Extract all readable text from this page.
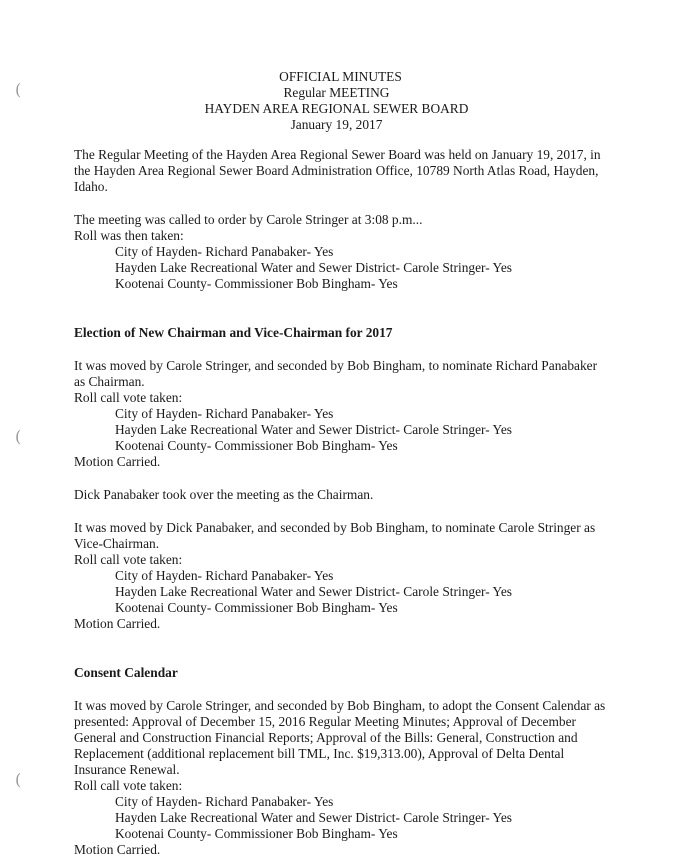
(
(
(
OFFICIAL MINUTES
Regular MEETING
HAYDEN AREA REGIONAL SEWER BOARD
January 19, 2017
The Regular Meeting of the Hayden Area Regional Sewer Board was held on January 19, 2017, in
the Hayden Area Regional Sewer Board Administration Office, 10789 North Atlas Road, Hayden,
Idaho.
The meeting was called to order by Carole Stringer at 3:08 p.m...
Roll was then taken:
City of Hayden- Richard Panabaker- Yes
Hayden Lake Recreational Water and Sewer District- Carole Stringer- Yes
Kootenai County- Commissioner Bob Bingham- Yes
Election of New Chairman and Vice-Chairman for 2017
It was moved by Carole Stringer, and seconded by Bob Bingham, to nominate Richard Panabaker
as Chairman.
Roll call vote taken:
City of Hayden- Richard Panabaker- Yes
Hayden Lake Recreational Water and Sewer District- Carole Stringer- Yes
Kootenai County- Commissioner Bob Bingham- Yes
Motion Carried.
Dick Panabaker took over the meeting as the Chairman.
It was moved by Dick Panabaker, and seconded by Bob Bingham, to nominate Carole Stringer as
Vice-Chairman.
Roll call vote taken:
City of Hayden- Richard Panabaker- Yes
Hayden Lake Recreational Water and Sewer District- Carole Stringer- Yes
Kootenai County- Commissioner Bob Bingham- Yes
Motion Carried.
Consent Calendar
It was moved by Carole Stringer, and seconded by Bob Bingham, to adopt the Consent Calendar as
presented: Approval of December 15, 2016 Regular Meeting Minutes; Approval of December
General and Construction Financial Reports; Approval of the Bills: General, Construction and
Replacement (additional replacement bill TML, Inc. $19,313.00), Approval of Delta Dental
Insurance Renewal.
Roll call vote taken:
City of Hayden- Richard Panabaker- Yes
Hayden Lake Recreational Water and Sewer District- Carole Stringer- Yes
Kootenai County- Commissioner Bob Bingham- Yes
Motion Carried.
